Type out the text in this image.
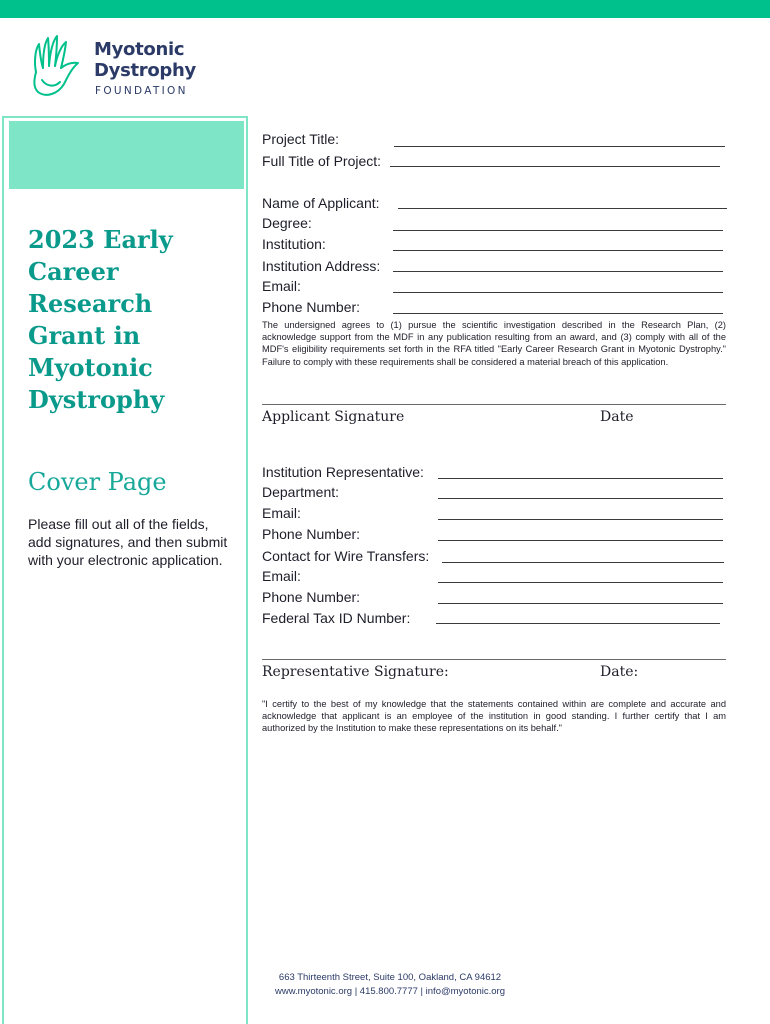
Myotonic
Dystrophy
FOUNDATION
2023 Early Career Research Grant in Myotonic Dystrophy
Cover Page
Please fill out all of the fields, add signatures, and then submit with your electronic application.
Project Title:
Full Title of Project:
Name of Applicant:
Degree:
Institution:
Institution Address:
Email:
Phone Number:
The undersigned agrees to (1) pursue the scientific investigation described in the Research Plan, (2) acknowledge support from the MDF in any publication resulting from an award, and (3) comply with all of the MDF's eligibility requirements set forth in the RFA titled "Early Career Research Grant in Myotonic Dystrophy." Failure to comply with these requirements shall be considered a material breach of this application.
Applicant Signature	Date
Institution Representative:
Department:
Email:
Phone Number:
Contact for Wire Transfers:
Email:
Phone Number:
Federal Tax ID Number:
Representative Signature:	Date:
"I certify to the best of my knowledge that the statements contained within are complete and accurate and acknowledge that applicant is an employee of the institution in good standing. I further certify that I am authorized by the Institution to make these representations on its behalf."
663 Thirteenth Street, Suite 100, Oakland, CA 94612
www.myotonic.org | 415.800.7777 | info@myotonic.org
